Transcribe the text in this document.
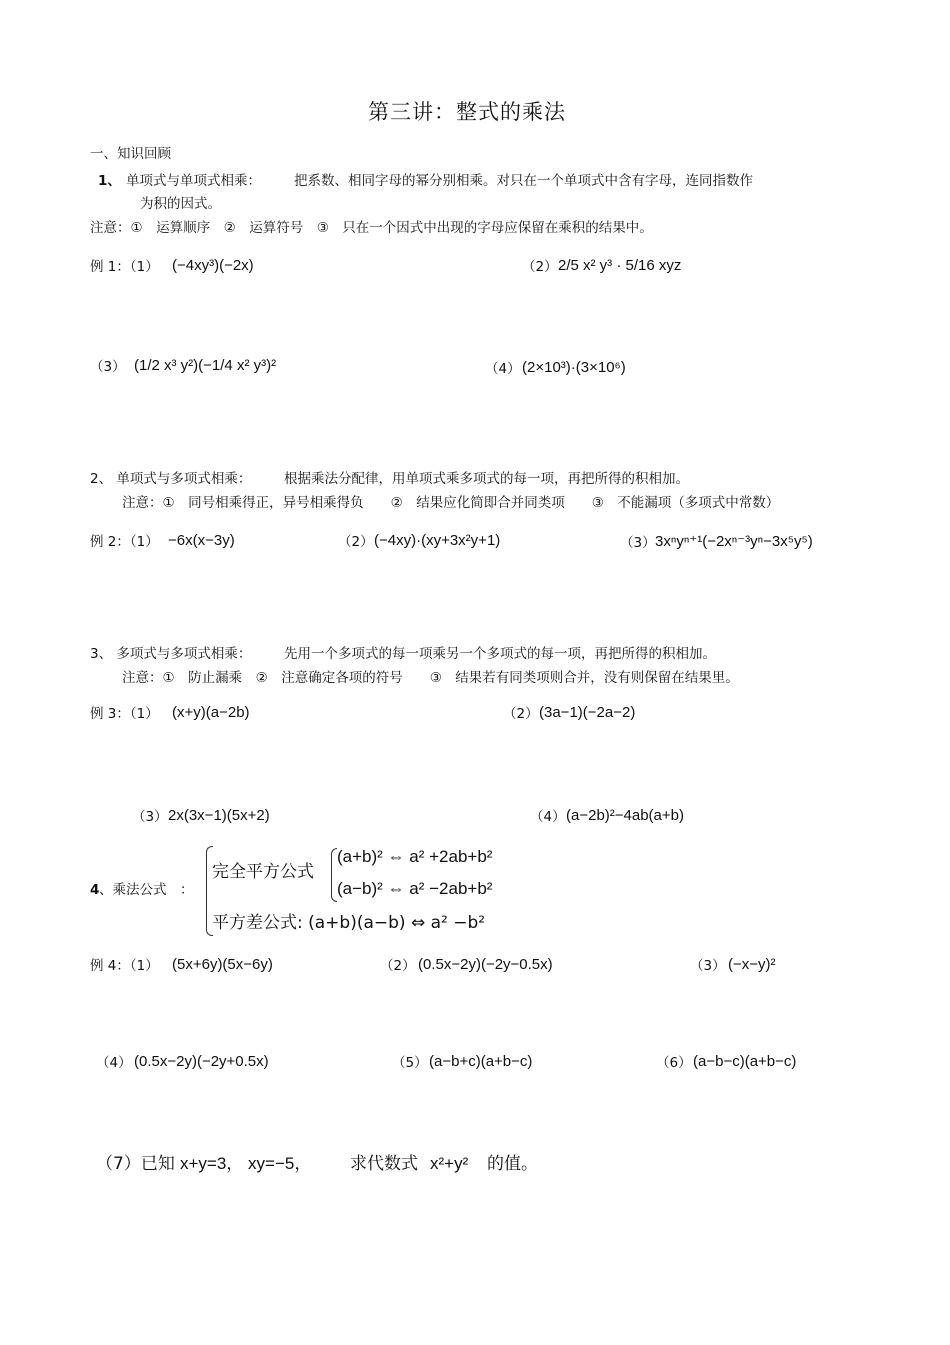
第三讲：整式的乘法
一、知识回顾
1、 单项式与单项式相乘： 把系数、相同字母的幂分别相乘。对只在一个单项式中含有字母，连同指数作
为积的因式。
注意：①　运算顺序　②　运算符号　③　只在一个因式中出现的字母应保留在乘积的结果中。
例 1：（1） (−4xy³)(−2x)	（2） 2/5 x² y³ · 5/16 xyz
（3） (1/2 x³ y²)(−1/4 x² y³)²	（4） (2×10³)·(3×10⁶)
2、 单项式与多项式相乘： 根据乘法分配律，用单项式乘多项式的每一项，再把所得的积相加。
注意：①　同号相乘得正，异号相乘得负　　②　结果应化简即合并同类项　　③　不能漏项（多项式中常数）
例 2：（1） −6x(x−3y)	（2） (−4xy)·(xy+3x²y+1)	（3） 3xⁿyⁿ⁺¹(−2xⁿ⁻³yⁿ−3x⁵y⁵)
3、 多项式与多项式相乘： 先用一个多项式的每一项乘另一个多项式的每一项，再把所得的积相加。
注意：①　防止漏乘　②　注意确定各项的符号　　③　结果若有同类项则合并，没有则保留在结果里。
例 3：（1） (x+y)(a−2b)	（2） (3a−1)(−2a−2)
（3） 2x(3x−1)(5x+2)	（4） (a−2b)²−4ab(a+b)
4 、乘法公式　：
完全平方公式
(a+b)² ⇔ a² +2ab+b²
(a−b)² ⇔ a² −2ab+b²
平方差公式: (a+b)(a−b) ⇔ a² −b²
例 4：（1） (5x+6y)(5x−6y)	（2） (0.5x−2y)(−2y−0.5x)	（3） (−x−y)²
（4） (0.5x−2y)(−2y+0.5x)	（5） (a−b+c)(a+b−c)	（6） (a−b−c)(a+b−c)
（7）已知 x+y=3， xy=−5， 求代数式 x²+y² 的值。
